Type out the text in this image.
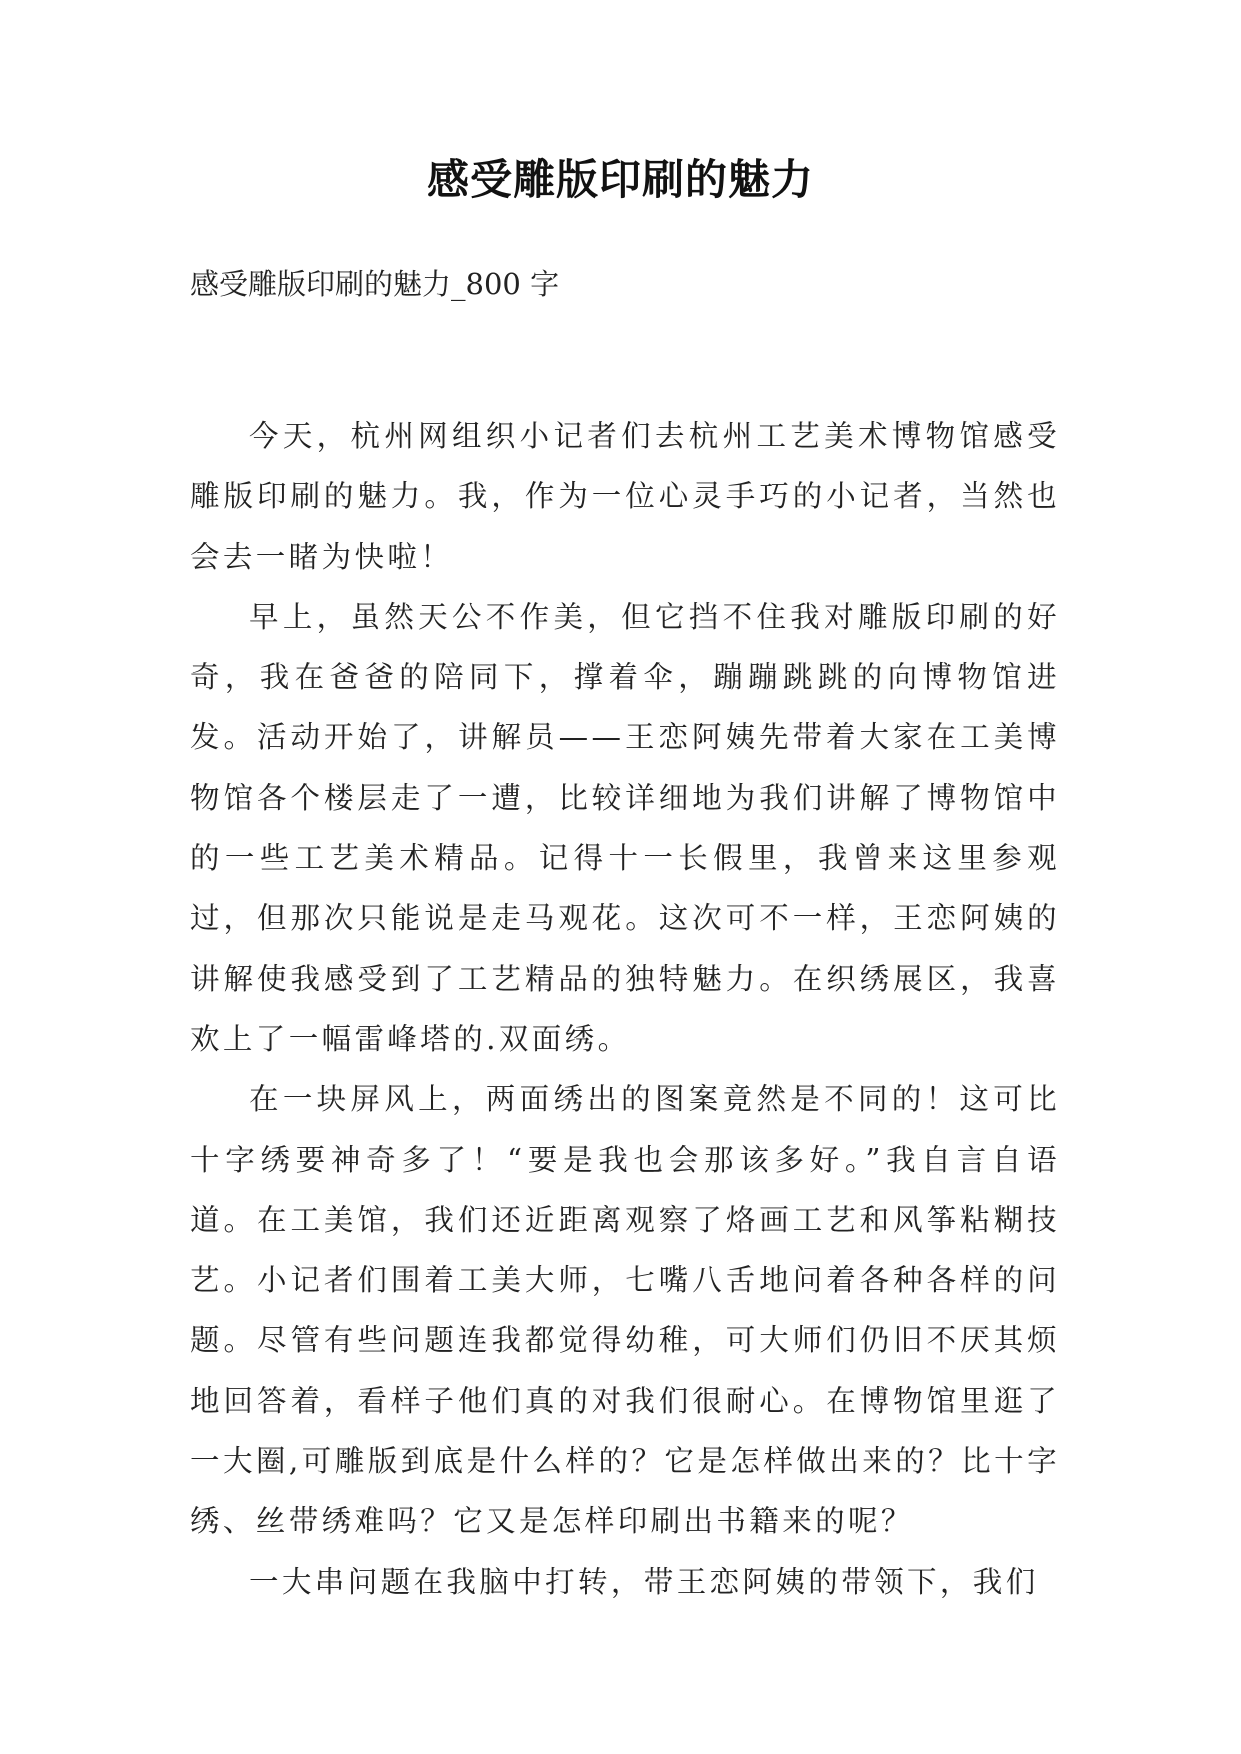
感受雕版印刷的魅力

感受雕版印刷的魅力_800 字

今天，杭州网组织小记者们去杭州工艺美术博物馆感受雕版印刷的魅力。我，作为一位心灵手巧的小记者，当然也会去一睹为快啦！

早上，虽然天公不作美，但它挡不住我对雕版印刷的好奇，我在爸爸的陪同下，撑着伞，蹦蹦跳跳的向博物馆进发。活动开始了，讲解员——王恋阿姨先带着大家在工美博物馆各个楼层走了一遭，比较详细地为我们讲解了博物馆中的一些工艺美术精品。记得十一长假里，我曾来这里参观过，但那次只能说是走马观花。这次可不一样，王恋阿姨的讲解使我感受到了工艺精品的独特魅力。在织绣展区，我喜欢上了一幅雷峰塔的.双面绣。

在一块屏风上，两面绣出的图案竟然是不同的！这可比十字绣要神奇多了！“要是我也会那该多好。”我自言自语道。在工美馆，我们还近距离观察了烙画工艺和风筝粘糊技艺。小记者们围着工美大师，七嘴八舌地问着各种各样的问题。尽管有些问题连我都觉得幼稚，可大师们仍旧不厌其烦地回答着，看样子他们真的对我们很耐心。在博物馆里逛了一大圈,可雕版到底是什么样的？它是怎样做出来的？比十字绣、丝带绣难吗？它又是怎样印刷出书籍来的呢？

一大串问题在我脑中打转，带王恋阿姨的带领下，我们
